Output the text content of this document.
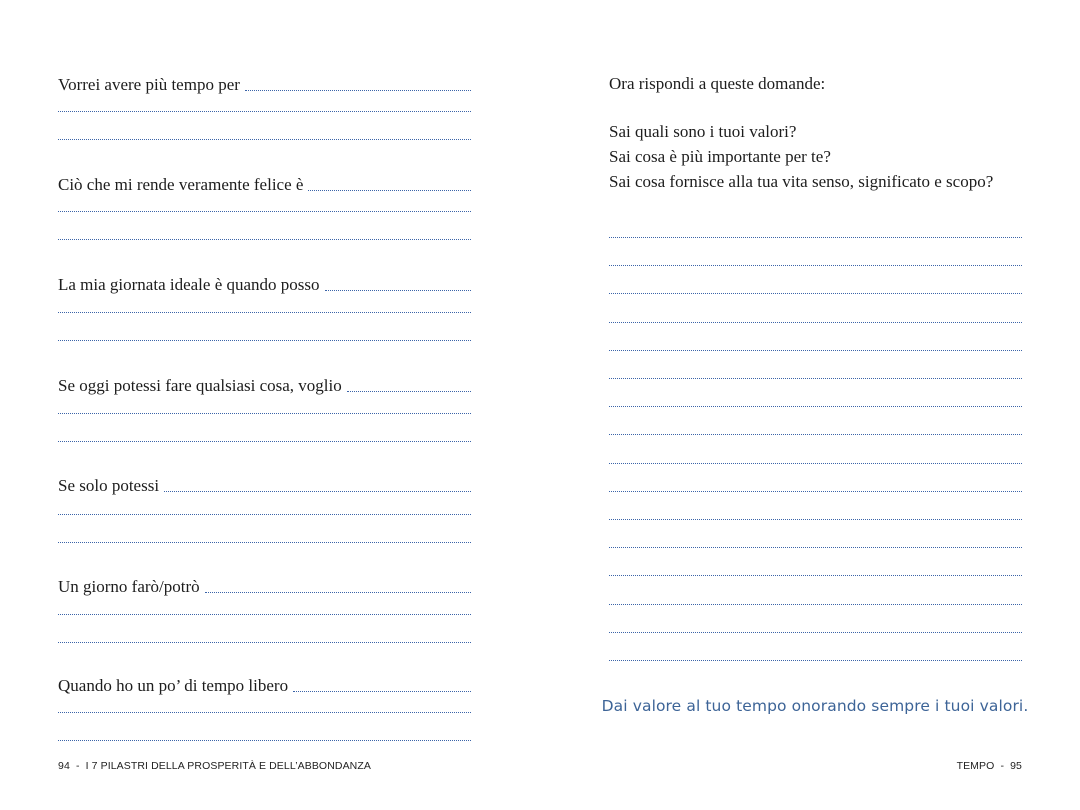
Vorrei avere più tempo per
Ciò che mi rende veramente felice è
La mia giornata ideale è quando posso
Se oggi potessi fare qualsiasi cosa, voglio
Se solo potessi
Un giorno farò/potrò
Quando ho un po’ di tempo libero
94 - I 7 PILASTRI DELLA PROSPERITÀ E DELL’ABBONDANZA
Ora rispondi a queste domande:
Sai quali sono i tuoi valori?
Sai cosa è più importante per te?
Sai cosa fornisce alla tua vita senso, significato e scopo?
Dai valore al tuo tempo onorando sempre i tuoi valori.
TEMPO - 95
